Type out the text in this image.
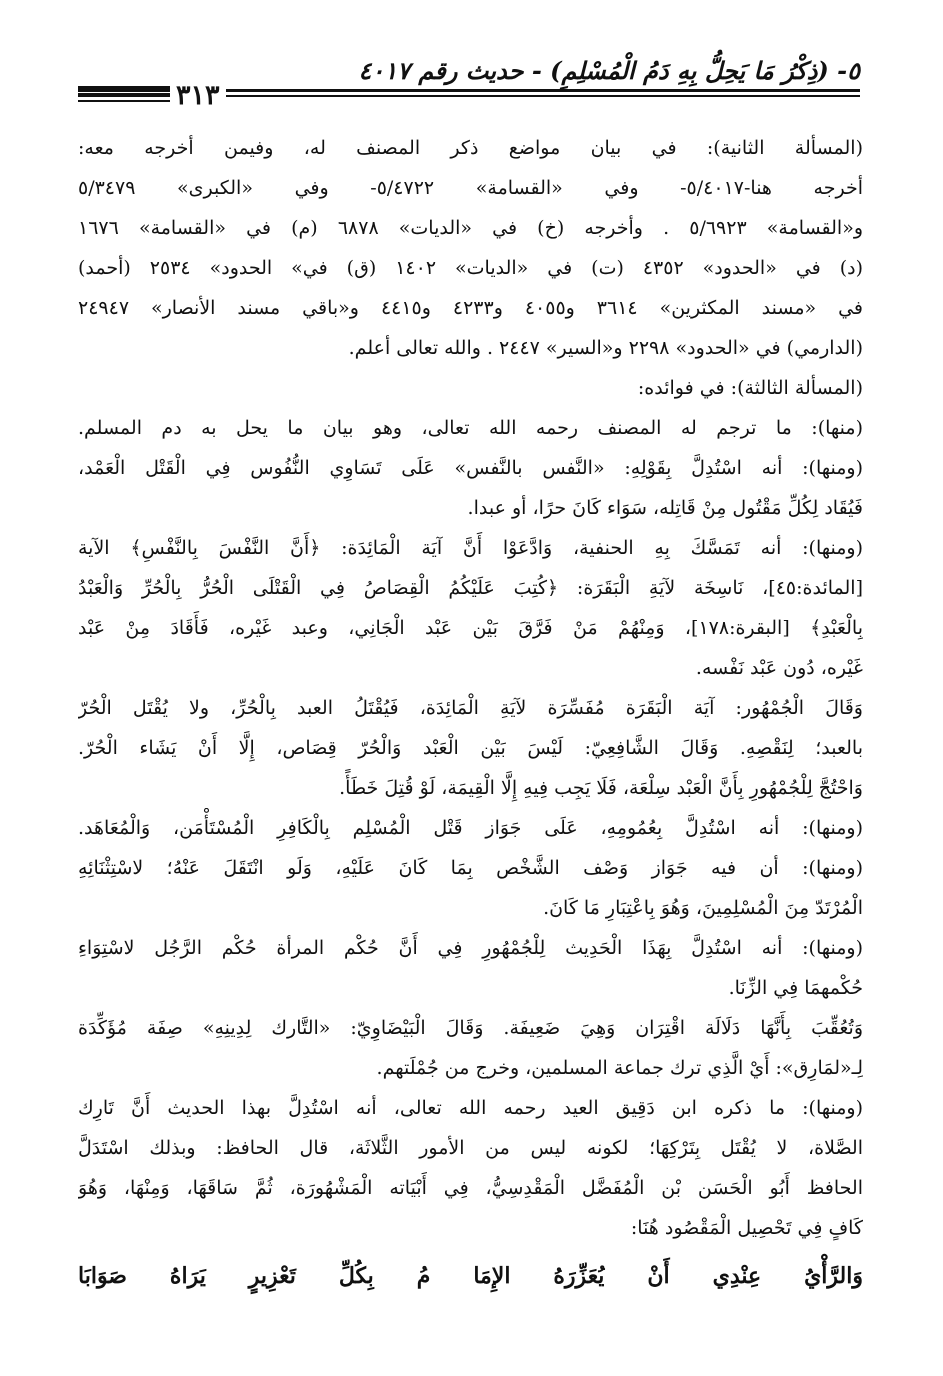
٥- (ذِكْرُ مَا يَحِلُّ بِهِ دَمُ الْمُسْلِمِ) - حديث رقم ٤٠١٧
٣١٣
(المسألة الثانية): في بيان مواضع ذكر المصنف له، وفيمن أخرجه معه:
أخرجه هنا-٥/٤٠١٧- وفي «القسامة» ٥/٤٧٢٢- وفي «الكبرى» ٥/٣٤٧٩
و«القسامة» ٥/٦٩٢٣ . وأخرجه (خ) في «الديات» ٦٨٧٨ (م) في «القسامة» ١٦٧٦
(د) في «الحدود» ٤٣٥٢ (ت) في «الديات» ١٤٠٢ (ق) في» الحدود» ٢٥٣٤ (أحمد)
في «مسند المكثرين» ٣٦١٤ و٤٠٥٥ و٤٢٣٣ و٤٤١٥ و«باقي مسند الأنصار» ٢٤٩٤٧
(الدارمي) في «الحدود» ٢٢٩٨ و«السير» ٢٤٤٧ . والله تعالى أعلم.
(المسألة الثالثة): في فوائده:
(منها): ما ترجم له المصنف رحمه الله تعالى، وهو بيان ما يحل به دم المسلم.
(ومنها): أنه اسْتُدِلَّ بِقَوْلِهِ: «النَّفس بالنَّفس» عَلَى تَسَاوِي النُّفُوس فِي الْقَتْل الْعَمْد،
فَيُقَاد لِكُلِّ مَقْتُول مِنْ قَاتِله، سَوَاء كَانَ حرًا، أو عبدا.
(ومنها): أنه تَمَسَّكَ بِهِ الحنفية، وَادَّعَوْا أَنَّ آيَة الْمَائِدَة: ﴿أَنَّ النَّفْسَ بِالنَّفْسِ﴾ الآية
[المائدة:٤٥]، نَاسِخَة لآيَةِ الْبَقَرَة: ﴿كُتِبَ عَلَيْكُمُ الْقِصَاصُ فِي الْقَتْلَى الْحُرُّ بِالْحُرِّ وَالْعَبْدُ
بِالْعَبْدِ﴾ [البقرة:١٧٨]، وَمِنْهُمْ مَنْ فَرَّقَ بَيْن عَبْد الْجَانِي، وعبد غَيْره، فَأَقَادَ مِنْ عَبْد
غَيْره، دُون عَبْد نَفْسه.
وَقَالَ الْجُمْهُور: آيَة الْبَقَرَة مُفَسِّرَة لآيَةِ الْمَائِدَة، فَيُقْتَلُ العبد بِالْحُرِّ، ولا يُقْتَل الْحُرّ
بالعبد؛ لِنَقْصِهِ. وَقَالَ الشَّافِعِيّ: لَيْسَ بَيْن الْعَبْد وَالْحُرّ قِصَاص، إِلَّا أَنْ يَشَاء الْحُرّ.
وَاحْتُجَّ لِلْجُمْهُورِ بِأَنَّ الْعَبْد سِلْعَة، فَلَا يَجِب فِيهِ إِلَّا الْقِيمَة، لَوْ قُتِلَ خَطَأً.
(ومنها): أنه اسْتُدِلَّ بِعُمُومِهِ، عَلَى جَوَاز قَتْل الْمُسْلِم بِالْكَافِرِ الْمُسْتَأْمَن، وَالْمُعَاهَد.
(ومنها): أن فيه جَوَاز وَصْف الشَّخْص بِمَا كَانَ عَلَيْهِ، وَلَو انْتَقَلَ عَنْهُ؛ لاسْتِثْنَائِهِ
الْمُرْتَدّ مِنَ الْمُسْلِمِينَ، وَهُوَ بِاعْتِبَارِ مَا كَانَ.
(ومنها): أنه اسْتُدِلَّ بِهَذَا الْحَدِيث لِلْجُمْهُورِ فِي أَنَّ حُكْم المرأة حُكْم الرَّجُل لاسْتِوَاءِ
حُكْمهمَا فِي الزِّنَا.
وَتُعُقِّبَ بِأَنَّهَا دَلَالَة اقْتِرَان وَهِيَ ضَعِيفَة. وَقَالَ الْبَيْضَاوِيّ: «التَّارك لِدِينِهِ» صِفَة مُؤَكِّدَة
لِـ«لمَارِق»: أَيْ الَّذِي ترك جماعة المسلمين، وخرج من جُمْلَتهم.
(ومنها): ما ذكره ابن دَقِيق العيد رحمه الله تعالى، أنه اسْتُدِلَّ بهذا الحديث أَنَّ تَارِك
الصَّلاة، لا يُقْتَل بِتَرْكِهَا؛ لكونه ليس من الأمور الثَّلاثَة، قال الحافظ: وبذلك اسْتَدَلَّ
الحافظ أَبُو الْحَسَن بْن الْمُفَضَّل الْمَقْدِسِيُّ، فِي أَبْيَاته الْمَشْهُورَة، ثُمَّ سَاقَهَا، وَمِنْهَا، وَهُوَ
كَافٍ فِي تَحْصِيل الْمَقْصُود هُنَا:
وَالرَّأْيُ عِنْدِي أَنْ يُعَزِّرَهُ الإِمَا مُ بِكُلِّ تَعْزِيرٍ يَرَاهُ صَوَابَا
